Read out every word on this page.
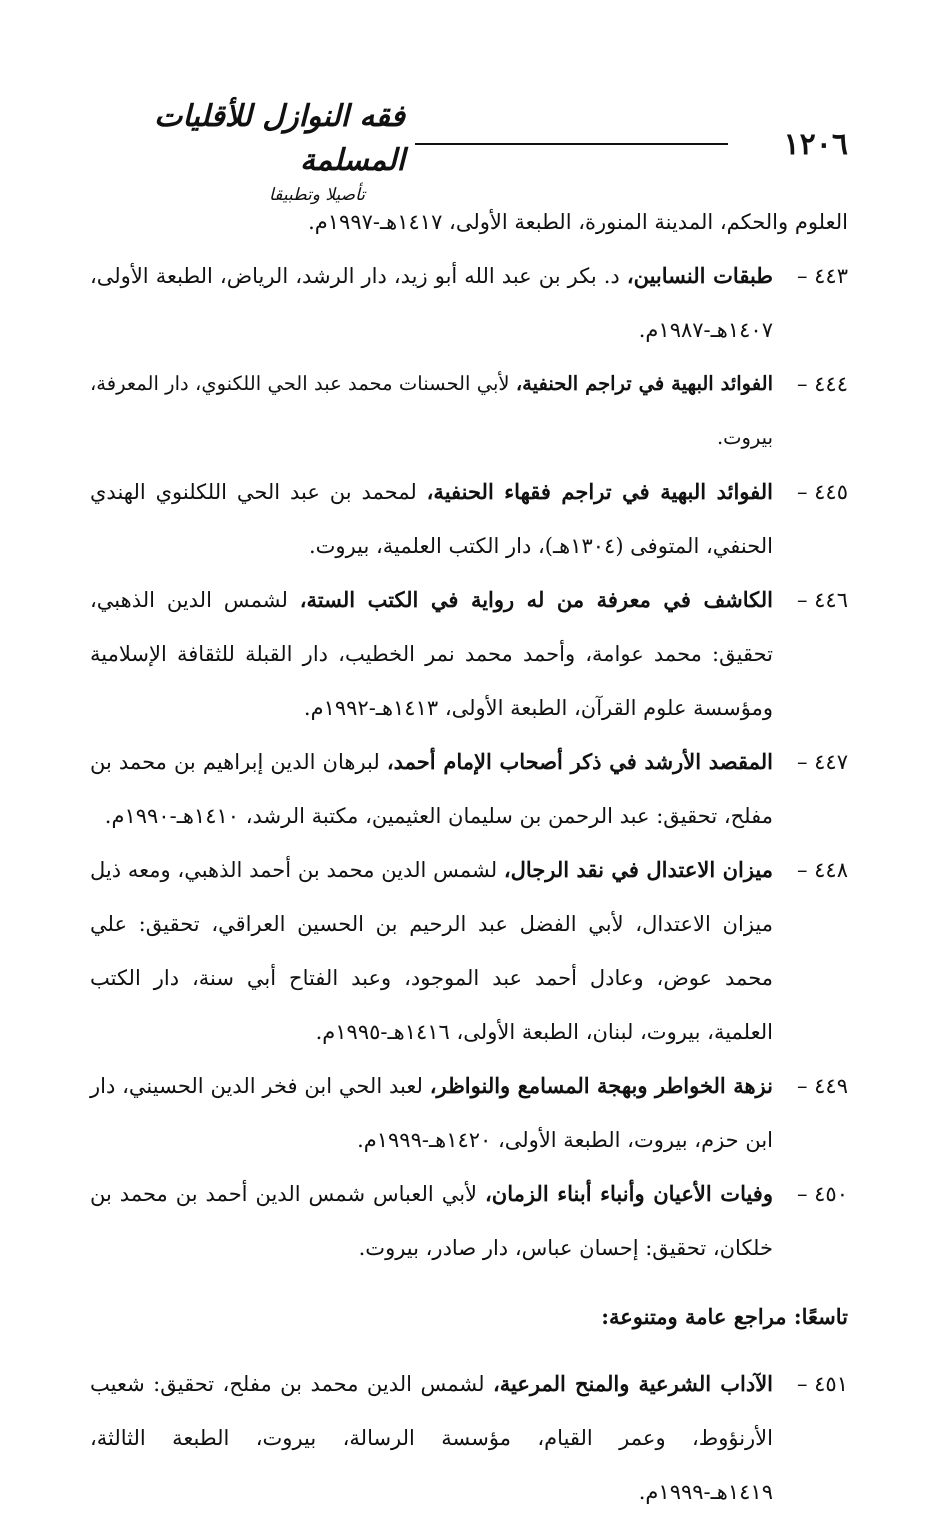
١٢٠٦
فقه النوازل للأقليات المسلمة
تأصيلا وتطبيقا

العلوم والحكم، المدينة المنورة، الطبعة الأولى، ١٤١٧هـ-١٩٩٧م.

٤٤٣ –
طبقات النسابين، د. بكر بن عبد الله أبو زيد، دار الرشد، الرياض، الطبعة الأولى، ١٤٠٧هـ-١٩٨٧م.
٤٤٤ –
الفوائد البهية في تراجم الحنفية، لأبي الحسنات محمد عبد الحي اللكنوي، دار المعرفة، بيروت.
٤٤٥ –
الفوائد البهية في تراجم فقهاء الحنفية، لمحمد بن عبد الحي اللكلنوي الهندي الحنفي، المتوفى (١٣٠٤هـ)، دار الكتب العلمية، بيروت.
٤٤٦ –
الكاشف في معرفة من له رواية في الكتب الستة، لشمس الدين الذهبي، تحقيق: محمد عوامة، وأحمد محمد نمر الخطيب، دار القبلة للثقافة الإسلامية ومؤسسة علوم القرآن، الطبعة الأولى، ١٤١٣هـ-١٩٩٢م.
٤٤٧ –
المقصد الأرشد في ذكر أصحاب الإمام أحمد، لبرهان الدين إبراهيم بن محمد بن مفلح، تحقيق: عبد الرحمن بن سليمان العثيمين، مكتبة الرشد، ١٤١٠هـ-١٩٩٠م.
٤٤٨ –
ميزان الاعتدال في نقد الرجال، لشمس الدين محمد بن أحمد الذهبي، ومعه ذيل ميزان الاعتدال، لأبي الفضل عبد الرحيم بن الحسين العراقي، تحقيق: علي محمد عوض، وعادل أحمد عبد الموجود، وعبد الفتاح أبي سنة، دار الكتب العلمية، بيروت، لبنان، الطبعة الأولى، ١٤١٦هـ-١٩٩٥م.
٤٤٩ –
نزهة الخواطر وبهجة المسامع والنواظر، لعبد الحي ابن فخر الدين الحسيني، دار ابن حزم، بيروت، الطبعة الأولى، ١٤٢٠هـ-١٩٩٩م.
٤٥٠ –
وفيات الأعيان وأنباء أبناء الزمان، لأبي العباس شمس الدين أحمد بن محمد بن خلكان، تحقيق: إحسان عباس، دار صادر، بيروت.
تاسعًا: مراجع عامة ومتنوعة:
٤٥١ –
الآداب الشرعية والمنح المرعية، لشمس الدين محمد بن مفلح، تحقيق: شعيب الأرنؤوط، وعمر القيام، مؤسسة الرسالة، بيروت، الطبعة الثالثة، ١٤١٩هـ-١٩٩٩م.
